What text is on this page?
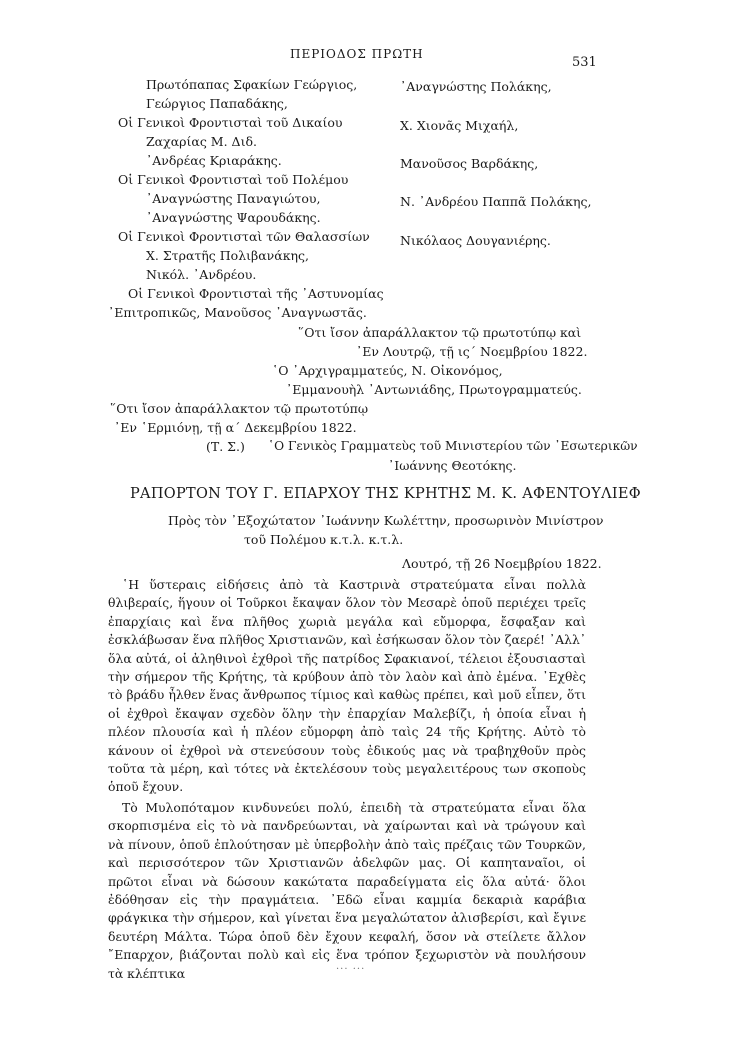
ΠΕΡΙΟΔΟΣ ΠΡΩΤΗ
531
Πρωτόπαπας Σφακίων Γεώργιος,
Γεώργιος Παπαδάκης,
Οἱ Γενικοὶ Φροντισταὶ τοῦ Δικαίου
Ζαχαρίας Μ. Διδ.
᾿Ανδρέας Κριαράκης.
Οἱ Γενικοὶ Φροντισταὶ τοῦ Πολέμου
᾿Αναγνώστης Παναγιώτου,
᾿Αναγνώστης Ψαρουδάκης.
Οἱ Γενικοὶ Φροντισταὶ τῶν Θαλασσίων
Χ. Στρατῆς Πολιβανάκης,
Νικόλ. ᾿Ανδρέου.
Οἱ Γενικοὶ Φροντισταὶ τῆς ᾿Αστυνομίας
᾿Επιτροπικῶς, Μανοῦσος ᾿Αναγνωστᾶς.
᾿Αναγνώστης Πολάκης,
Χ. Χιονᾶς Μιχαήλ,
Μανοῦσος Βαρδάκης,
Ν. ᾿Ανδρέου Παππᾶ Πολάκης,
Νικόλαος Δουγανιέρης.
῞Οτι ἴσον ἀπαράλλακτον τῷ πρωτοτύπῳ καὶ
᾿Εν Λουτρῷ, τῇ ις´ Νοεμβρίου 1822.
῾Ο ᾿Αρχιγραμματεύς, Ν. Οἰκονόμος,
᾿Εμμανουὴλ ᾿Αντωνιάδης, Πρωτογραμματεύς.
῞Οτι ἴσον ἀπαράλλακτον τῷ πρωτοτύπῳ
᾿Εν ῾Ερμιόνῃ, τῇ α´ Δεκεμβρίου 1822.
(Τ. Σ.) ῾Ο Γενικὸς Γραμματεὺς τοῦ Μινιστερίου τῶν ᾿Εσωτερικῶν
᾿Ιωάννης Θεοτόκης.
ΡΑΠΟΡΤΟΝ ΤΟΥ Γ. ΕΠΑΡΧΟΥ ΤΗΣ ΚΡΗΤΗΣ Μ. Κ. ΑΦΕΝΤΟΥΛΙΕΦ
Πρὸς τὸν ᾿Εξοχώτατον ᾿Ιωάννην Κωλέττην, προσωρινὸν Μινίστρον
τοῦ Πολέμου κ.τ.λ. κ.τ.λ.
Λουτρό, τῇ 26 Νοεμβρίου 1822.

῾Η ὕστεραις εἰδήσεις ἀπὸ τὰ Καστρινὰ στρατεύματα εἶναι πολλὰ θλιβεραίς, ἥγουν οἱ Τοῦρκοι ἔκαψαν ὅλον τὸν Μεσαρὲ ὁποῦ περιέχει τρεῖς ἐπαρχίαις καὶ ἕνα πλῆθος χωριὰ μεγάλα καὶ εὔμορφα, ἔσφαξαν καὶ ἐσκλάβωσαν ἕνα πλῆθος Χριστιανῶν, καὶ ἐσήκωσαν ὅλον τὸν ζαερέ! ᾿Αλλ᾿ ὅλα αὐτά, οἱ ἀληθινοὶ ἐχθροὶ τῆς πατρίδος Σφακιανοί, τέλειοι ἐξουσιασταὶ τὴν σήμερον τῆς Κρήτης, τὰ κρύβουν ἀπὸ τὸν λαὸν καὶ ἀπὸ ἐμένα. ᾿Εχθὲς τὸ βράδυ ἦλθεν ἕνας ἄνθρωπος τίμιος καὶ καθὼς πρέπει, καὶ μοῦ εἶπεν, ὅτι οἱ ἐχθροὶ ἔκαψαν σχεδὸν ὅλην τὴν ἐπαρχίαν Μαλεβίζι, ἡ ὁποία εἶναι ἡ πλέον πλουσία καὶ ἡ πλέον εὔμορφη ἀπὸ ταὶς 24 τῆς Κρήτης. Αὐτὸ τὸ κάνουν οἱ ἐχθροὶ νὰ στενεύσουν τοὺς ἐδικούς μας νὰ τραβηχθοῦν πρὸς τοῦτα τὰ μέρη, καὶ τότες νὰ ἐκτελέσουν τοὺς μεγαλειτέρους των σκοποὺς ὁποῦ ἔχουν.

Τὸ Μυλοπόταμον κινδυνεύει πολύ, ἐπειδὴ τὰ στρατεύματα εἶναι ὅλα σκορπισμένα εἰς τὸ νὰ πανδρεύωνται, νὰ χαίρωνται καὶ νὰ τρώγουν καὶ νὰ πίνουν, ὁποῦ ἐπλούτησαν μὲ ὑπερβολὴν ἀπὸ ταὶς πρέζαις τῶν Τουρκῶν, καὶ περισσότερον τῶν Χριστιανῶν ἀδελφῶν μας. Οἱ καπηταναῖοι, οἱ πρῶτοι εἶναι νὰ δώσουν κακώτατα παραδείγματα εἰς ὅλα αὐτά· ὅλοι ἐδόθησαν εἰς τὴν πραγμάτεια. ᾿Εδῶ εἶναι καμμία δεκαριὰ καράβια φράγκικα τὴν σήμερον, καὶ γίνεται ἕνα μεγαλώτατον ἀλισβερίσι, καὶ ἔγινε δευτέρη Μάλτα. Τώρα ὁποῦ δὲν ἔχουν κεφαλή, ὅσον νὰ στείλετε ἄλλον ῎Επαρχον, βιάζονται πολὺ καὶ εἰς ἕνα τρόπον ξεχωριστὸν νὰ πουλήσουν τὰ κλέπτικα	··· ···
